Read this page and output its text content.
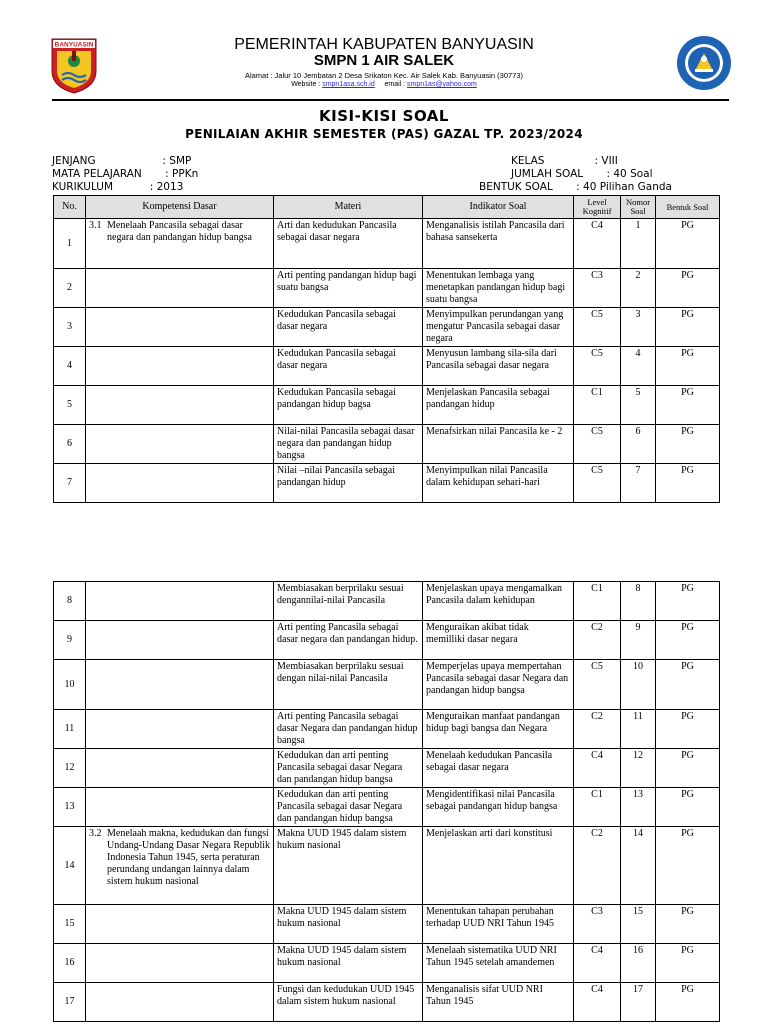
BANYUASIN	PEMERINTAH KABUPATEN BANYUASIN
SMPN 1 AIR SALEK
Alamat : Jalur 10 Jembatan 2 Desa Srikaton Kec. Air Salek Kab. Banyuasin (30773)
Website : smpn1asa.sch.id email : smpn1as@yahoo.com
KISI-KISI SOAL
PENILAIAN AKHIR SEMESTER (PAS) GAZAL TP. 2023/2024
JENJANG                    : SMP
MATA PELAJARAN       : PPKn
KURIKULUM           : 2013
KELAS               : VIII
JUMLAH SOAL       : 40 Soal
BENTUK SOAL       : 40 Pilihan Ganda
No.	Kompetensi Dasar	Materi	Indikator Soal	Level Kognitif	Nomor Soal	Bentuk Soal
1	3.1 Menelaah Pancasila sebagai dasar negara dan pandangan hidup bangsa	Arti dan kedudukan Pancasila sebagai dasar negara	Menganalisis istilah Pancasila dari bahasa sansekerta	C4	1	PG
2		Arti penting pandangan hidup bagi suatu bangsa	Menentukan lembaga yang menetapkan pandangan hidup bagi suatu bangsa	C3	2	PG
3		Kedudukan Pancasila sebagai dasar negara	Menyimpulkan perundangan yang mengatur Pancasila sebagai dasar negara	C5	3	PG
4		Kedudukan Pancasila sebagai dasar negara	Menyusun lambang sila-sila dari Pancasila sebagai dasar negara	C5	4	PG
5		Kedudukan Pancasila sebagai pandangan hidup bagsa	Menjelaskan Pancasila sebagai pandangan hidup	C1	5	PG
6		Nilai-nilai Pancasila sebagai dasar negara dan pandangan hidup bangsa	Menafsirkan nilai Pancasila ke - 2	C5	6	PG
7		Nilai –nilai Pancasila sebagai pandangan hidup	Menyimpulkan nilai Pancasila dalam kehidupan sehari-hari	C5	7	PG
8		Membiasakan berprilaku sesuai dengannilai-nilai Pancasila	Menjelaskan upaya mengamalkan Pancasila dalam kehidupan	C1	8	PG
9		Arti penting Pancasila sebagai dasar negara dan pandangan hidup.	Menguraikan akibat tidak memilliki dasar negara	C2	9	PG
10		Membiasakan berprilaku sesuai dengan nilai-nilai Pancasila	Memperjelas upaya mempertahan Pancasila sebagai dasar Negara dan pandangan hidup bangsa	C5	10	PG
11		Arti penting Pancasila sebagai dasar Negara dan pandangan hidup bangsa	Menguraikan manfaat pandangan hidup bagi bangsa dan Negara	C2	11	PG
12		Kedudukan dan arti penting Pancasila sebagai dasar Negara dan pandangan hidup bangsa	Menelaah kedudukan Pancasila sebagai dasar negara	C4	12	PG
13		Kedudukan dan arti penting Pancasila sebagai dasar Negara dan pandangan hidup bangsa	Mengidentifikasi nilai Pancasila sebagai pandangan hidup bangsa	C1	13	PG
14	3.2 Menelaah makna, kedudukan dan fungsi Undang-Undang Dasar Negara Republik Indonesia Tahun 1945, serta peraturan perundang undangan lainnya dalam sistem hukum nasional	Makna UUD 1945 dalam sistem hukum nasional	Menjelaskan arti dari konstitusi	C2	14	PG
15		Makna UUD 1945 dalam sistem hukum nasional	Menentukan tahapan perubahan terhadap UUD NRI Tahun 1945	C3	15	PG
16		Makna UUD 1945 dalam sistem hukum nasional	Menelaah sistematika UUD NRI Tahun 1945 setelah amandemen	C4	16	PG
17		Fungsi dan kedudukan UUD 1945 dalam sistem hukum nasional	Menganalisis sifat UUD NRI Tahun 1945	C4	17	PG
